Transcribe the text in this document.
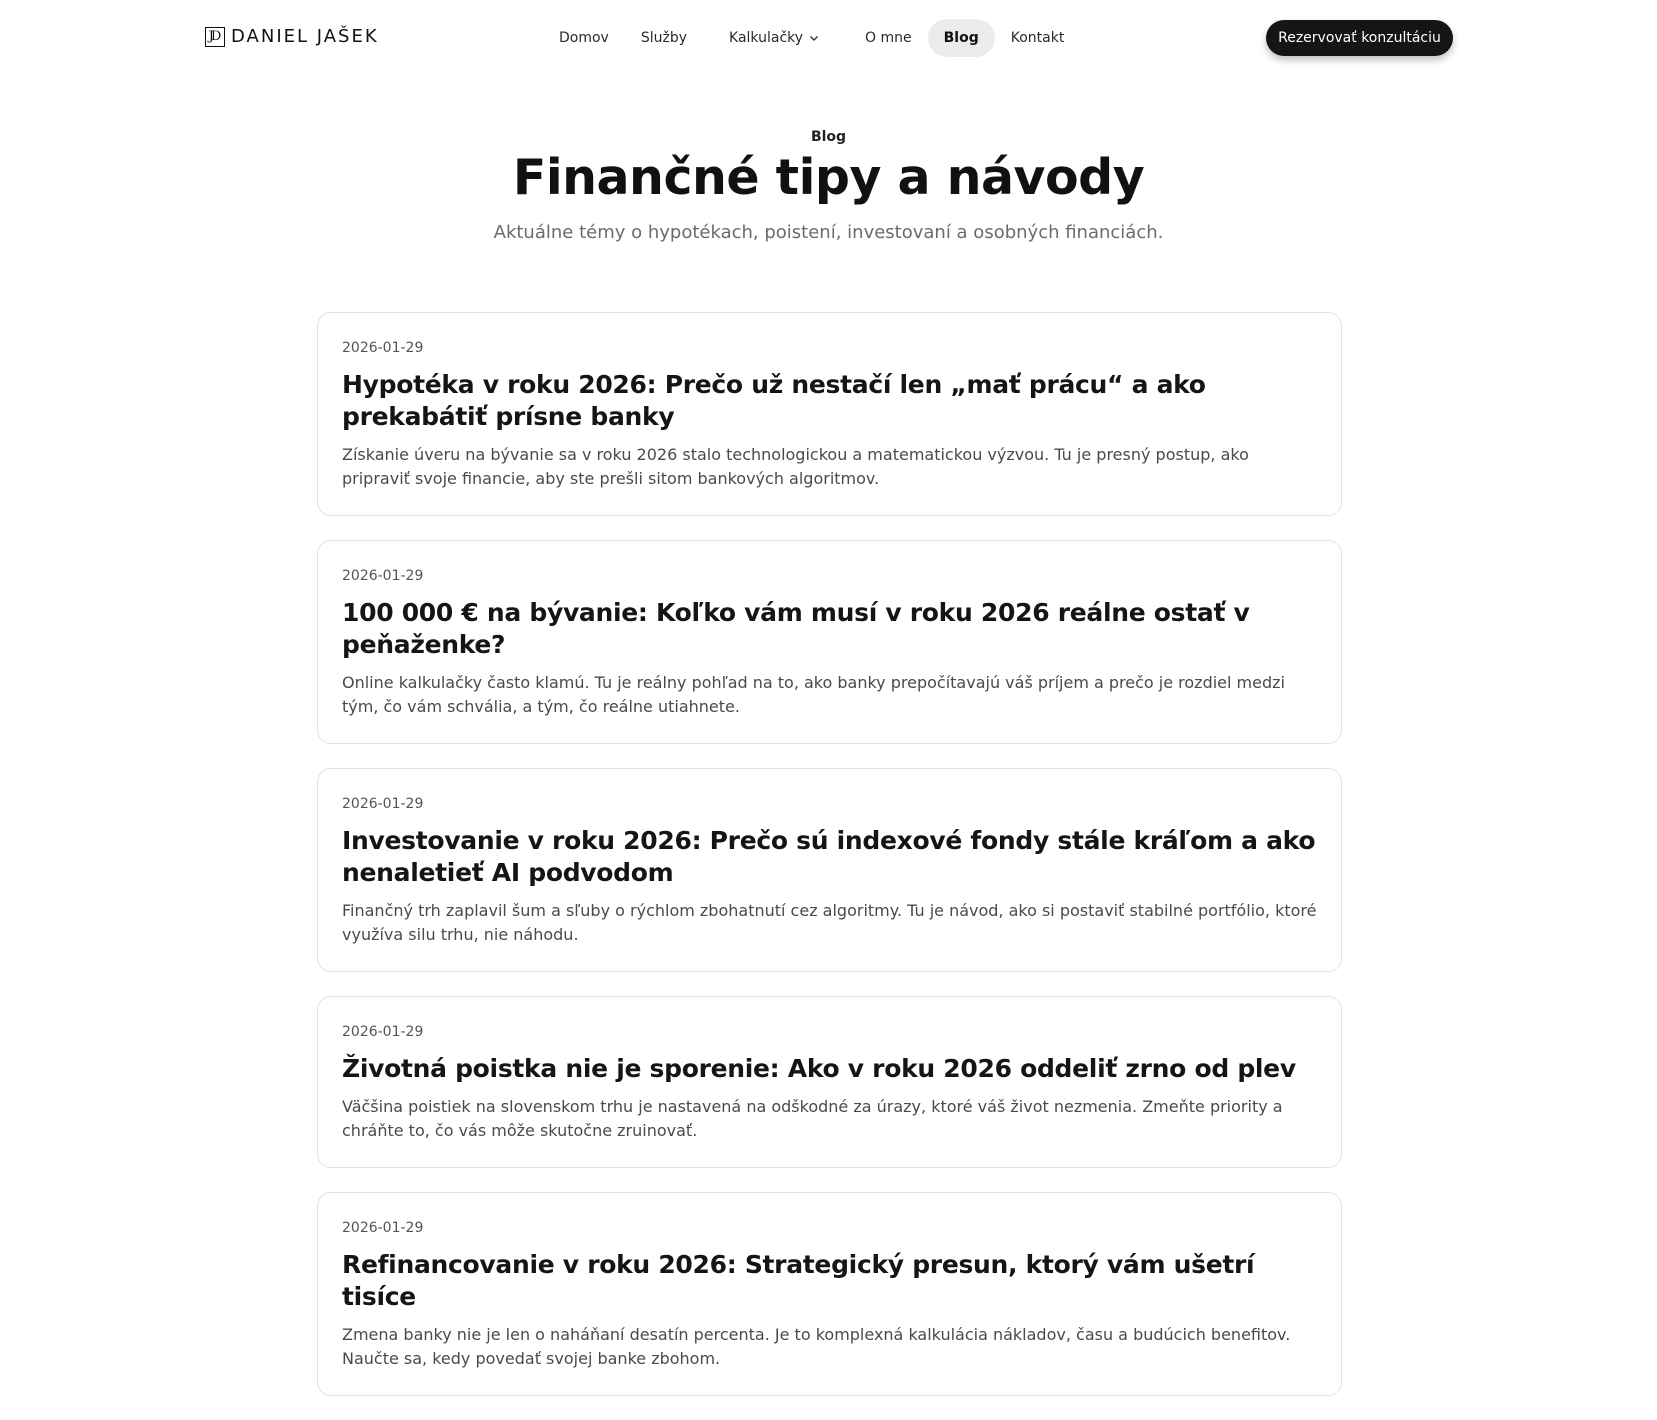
JD DANIEL JAŠEK	Domov Služby	Kalkulačky	O mne Blog Kontakt	Rezervovať konzultáciu
Blog
Finančné tipy a návody

Aktuálne témy o hypotékach, poistení, investovaní a osobných financiách.

2026-01-29
Hypotéka v roku 2026: Prečo už nestačí len „mať prácu“ a ako prekabátiť prísne banky

Získanie úveru na bývanie sa v roku 2026 stalo technologickou a matematickou výzvou. Tu je presný postup, ako pripraviť svoje financie, aby ste prešli sitom bankových algoritmov.

2026-01-29
100 000 € na bývanie: Koľko vám musí v roku 2026 reálne ostať v peňaženke?

Online kalkulačky často klamú. Tu je reálny pohľad na to, ako banky prepočítavajú váš príjem a prečo je rozdiel medzi tým, čo vám schvália, a tým, čo reálne utiahnete.

2026-01-29
Investovanie v roku 2026: Prečo sú indexové fondy stále kráľom a ako nenaletieť AI podvodom

Finančný trh zaplavil šum a sľuby o rýchlom zbohatnutí cez algoritmy. Tu je návod, ako si postaviť stabilné portfólio, ktoré využíva silu trhu, nie náhodu.

2026-01-29
Životná poistka nie je sporenie: Ako v roku 2026 oddeliť zrno od plev

Väčšina poistiek na slovenskom trhu je nastavená na odškodné za úrazy, ktoré váš život nezmenia. Zmeňte priority a chráňte to, čo vás môže skutočne zruinovať.

2026-01-29
Refinancovanie v roku 2026: Strategický presun, ktorý vám ušetrí tisíce

Zmena banky nie je len o naháňaní desatín percenta. Je to komplexná kalkulácia nákladov, času a budúcich benefitov. Naučte sa, kedy povedať svojej banke zbohom.
